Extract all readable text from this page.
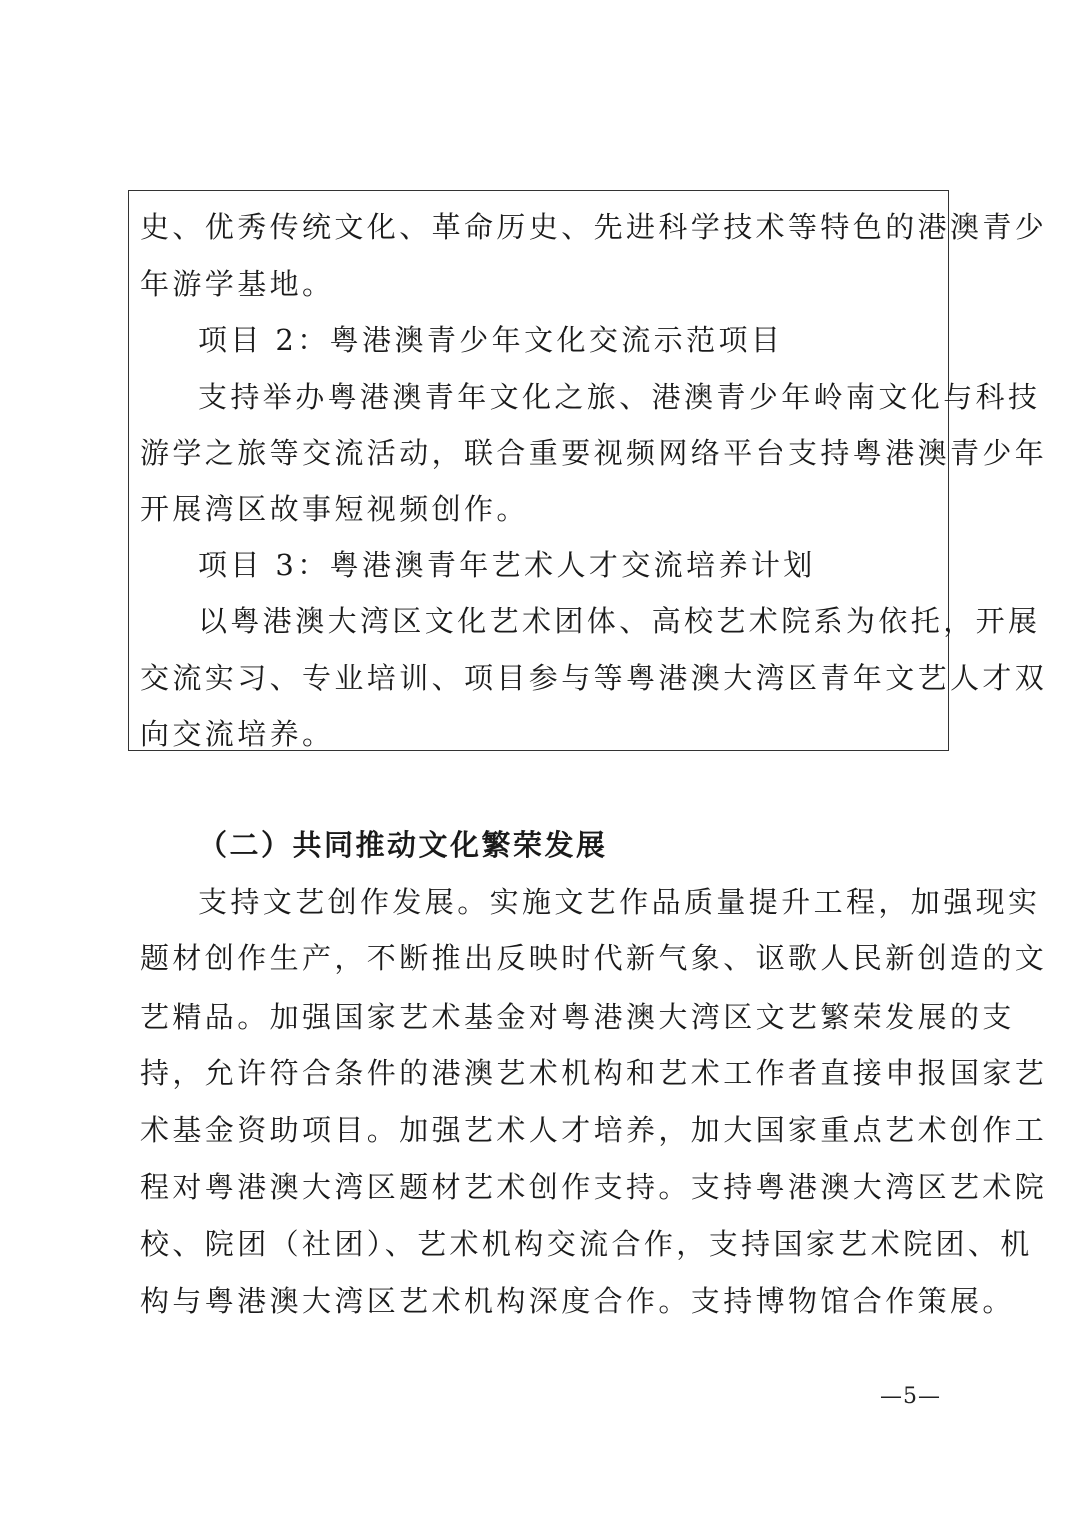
史、优秀传统文化、革命历史、先进科学技术等特色的港澳青少
年游学基地。
项目 2：粤港澳青少年文化交流示范项目
支持举办粤港澳青年文化之旅、港澳青少年岭南文化与科技
游学之旅等交流活动，联合重要视频网络平台支持粤港澳青少年
开展湾区故事短视频创作。
项目 3：粤港澳青年艺术人才交流培养计划
以粤港澳大湾区文化艺术团体、高校艺术院系为依托，开展
交流实习、专业培训、项目参与等粤港澳大湾区青年文艺人才双
向交流培养。
（二）共同推动文化繁荣发展
支持文艺创作发展。实施文艺作品质量提升工程，加强现实
题材创作生产，不断推出反映时代新气象、讴歌人民新创造的文
艺精品。加强国家艺术基金对粤港澳大湾区文艺繁荣发展的支
持，允许符合条件的港澳艺术机构和艺术工作者直接申报国家艺
术基金资助项目。加强艺术人才培养，加大国家重点艺术创作工
程对粤港澳大湾区题材艺术创作支持。支持粤港澳大湾区艺术院
校、院团（社团）、艺术机构交流合作，支持国家艺术院团、机
构与粤港澳大湾区艺术机构深度合作。支持博物馆合作策展。
—5—
